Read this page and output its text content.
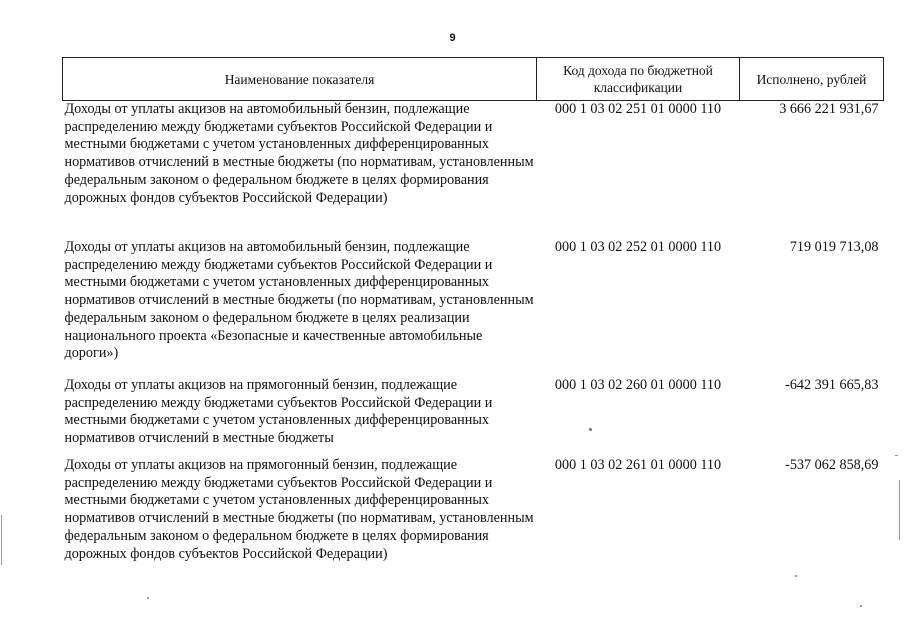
9
Наименование показателя	Код дохода по бюджетной классификации	Исполнено, рублей
Доходы от уплаты акцизов на автомобильный бензин, подлежащие распределению между бюджетами субъектов Российской Федерации и местными бюджетами с учетом установленных дифференцированных нормативов отчислений в местные бюджеты (по нормативам, установленным федеральным законом о федеральном бюджете в целях формирования дорожных фондов субъектов Российской Федерации)	000 1 03 02 251 01 0000 110	3 666 221 931,67
Доходы от уплаты акцизов на автомобильный бензин, подлежащие распределению между бюджетами субъектов Российской Федерации и местными бюджетами с учетом установленных дифференцированных нормативов отчислений в местные бюджеты (по нормативам, установленным федеральным законом о федеральном бюджете в целях реализации национального проекта «Безопасные и качественные автомобильные дороги»)	000 1 03 02 252 01 0000 110	719 019 713,08
Доходы от уплаты акцизов на прямогонный бензин, подлежащие распределению между бюджетами субъектов Российской Федерации и местными бюджетами с учетом установленных дифференцированных нормативов отчислений в местные бюджеты	000 1 03 02 260 01 0000 110	-642 391 665,83
Доходы от уплаты акцизов на прямогонный бензин, подлежащие распределению между бюджетами субъектов Российской Федерации и местными бюджетами с учетом установленных дифференцированных нормативов отчислений в местные бюджеты (по нормативам, установленным федеральным законом о федеральном бюджете в целях формирования дорожных фондов субъектов Российской Федерации)	000 1 03 02 261 01 0000 110	-537 062 858,69
